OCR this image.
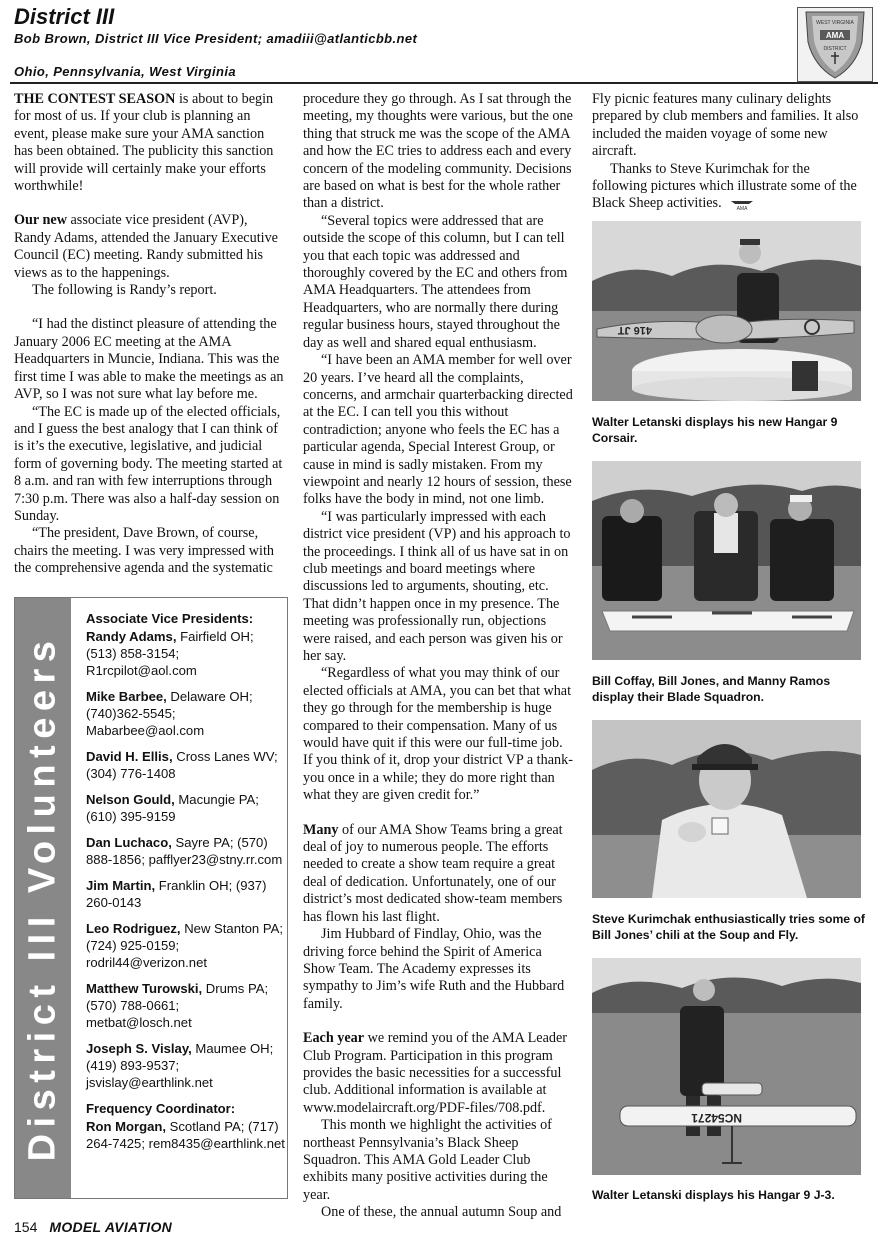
District III
Bob Brown, District III Vice President; amadiii@atlanticbb.net
Ohio, Pennsylvania, West Virginia
WEST VIRGINIA
AMA
DISTRICT

THE CONTEST SEASON is about to begin for most of us. If your club is planning an event, please make sure your AMA sanction has been obtained. The publicity this sanction will provide will certainly make your efforts worthwhile!

Our new associate vice president (AVP), Randy Adams, attended the January Executive Council (EC) meeting. Randy submitted his views as to the happenings.

The following is Randy’s report.

“I had the distinct pleasure of attending the January 2006 EC meeting at the AMA Headquarters in Muncie, Indiana. This was the first time I was able to make the meetings as an AVP, so I was not sure what lay before me.

“The EC is made up of the elected officials, and I guess the best analogy that I can think of is it’s the executive, legislative, and judicial form of governing body. The meeting started at 8 a.m. and ran with few interruptions through 7:30 p.m. There was also a half-day session on Sunday.

“The president, Dave Brown, of course, chairs the meeting. I was very impressed with the comprehensive agenda and the systematic

District III Volunteers
Associate Vice Presidents:
Randy Adams, Fairfield OH; (513) 858-3154; R1rcpilot@aol.com
Mike Barbee, Delaware OH; (740)362-5545; Mabarbee@aol.com
David H. Ellis, Cross Lanes WV; (304) 776-1408
Nelson Gould, Macungie PA; (610) 395-9159
Dan Luchaco, Sayre PA; (570) 888-1856; pafflyer23@stny.rr.com
Jim Martin, Franklin OH; (937) 260-0143
Leo Rodriguez, New Stanton PA; (724) 925-0159; rodril44@verizon.net
Matthew Turowski, Drums PA; (570) 788-0661; metbat@losch.net
Joseph S. Vislay, Maumee OH; (419) 893-9537; jsvislay@earthlink.net
Frequency Coordinator:
Ron Morgan, Scotland PA; (717) 264-7425; rem8435@earthlink.net

procedure they go through. As I sat through the meeting, my thoughts were various, but the one thing that struck me was the scope of the AMA and how the EC tries to address each and every concern of the modeling community. Decisions are based on what is best for the whole rather than a district.

“Several topics were addressed that are outside the scope of this column, but I can tell you that each topic was addressed and thoroughly covered by the EC and others from AMA Headquarters. The attendees from Headquarters, who are normally there during regular business hours, stayed throughout the day as well and shared equal enthusiasm.

“I have been an AMA member for well over 20 years. I’ve heard all the complaints, concerns, and armchair quarterbacking directed at the EC. I can tell you this without contradiction; anyone who feels the EC has a particular agenda, Special Interest Group, or cause in mind is sadly mistaken. From my viewpoint and nearly 12 hours of session, these folks have the body in mind, not one limb.

“I was particularly impressed with each district vice president (VP) and his approach to the proceedings. I think all of us have sat in on club meetings and board meetings where discussions led to arguments, shouting, etc. That didn’t happen once in my presence. The meeting was professionally run, objections were raised, and each person was given his or her say.

“Regardless of what you may think of our elected officials at AMA, you can bet that what they go through for the membership is huge compared to their compensation. Many of us would have quit if this were our full-time job. If you think of it, drop your district VP a thank-you once in a while; they do more right than what they are given credit for.”

Many of our AMA Show Teams bring a great deal of joy to numerous people. The efforts needed to create a show team require a great deal of dedication. Unfortunately, one of our district’s most dedicated show-team members has flown his last flight.

Jim Hubbard of Findlay, Ohio, was the driving force behind the Spirit of America Show Team. The Academy expresses its sympathy to Jim’s wife Ruth and the Hubbard family.

Each year we remind you of the AMA Leader Club Program. Participation in this program provides the basic necessities for a successful club. Additional information is available at www.modelaircraft.org/PDF-files/708.pdf.

This month we highlight the activities of northeast Pennsylvania’s Black Sheep Squadron. This AMA Gold Leader Club exhibits many positive activities during the year.

One of these, the annual autumn Soup and

Fly picnic features many culinary delights prepared by club members and families. It also included the maiden voyage of some new aircraft.

Thanks to Steve Kurimchak for the following pictures which illustrate some of the Black Sheep activities.	AMA

416 JT
Walter Letanski displays his new Hangar 9 Corsair.
Bill Coffay, Bill Jones, and Manny Ramos display their Blade Squadron.
Steve Kurimchak enthusiastically tries some of Bill Jones’ chili at the Soup and Fly.
NC54271
Walter Letanski displays his Hangar 9 J-3.
154 MODEL AVIATION
